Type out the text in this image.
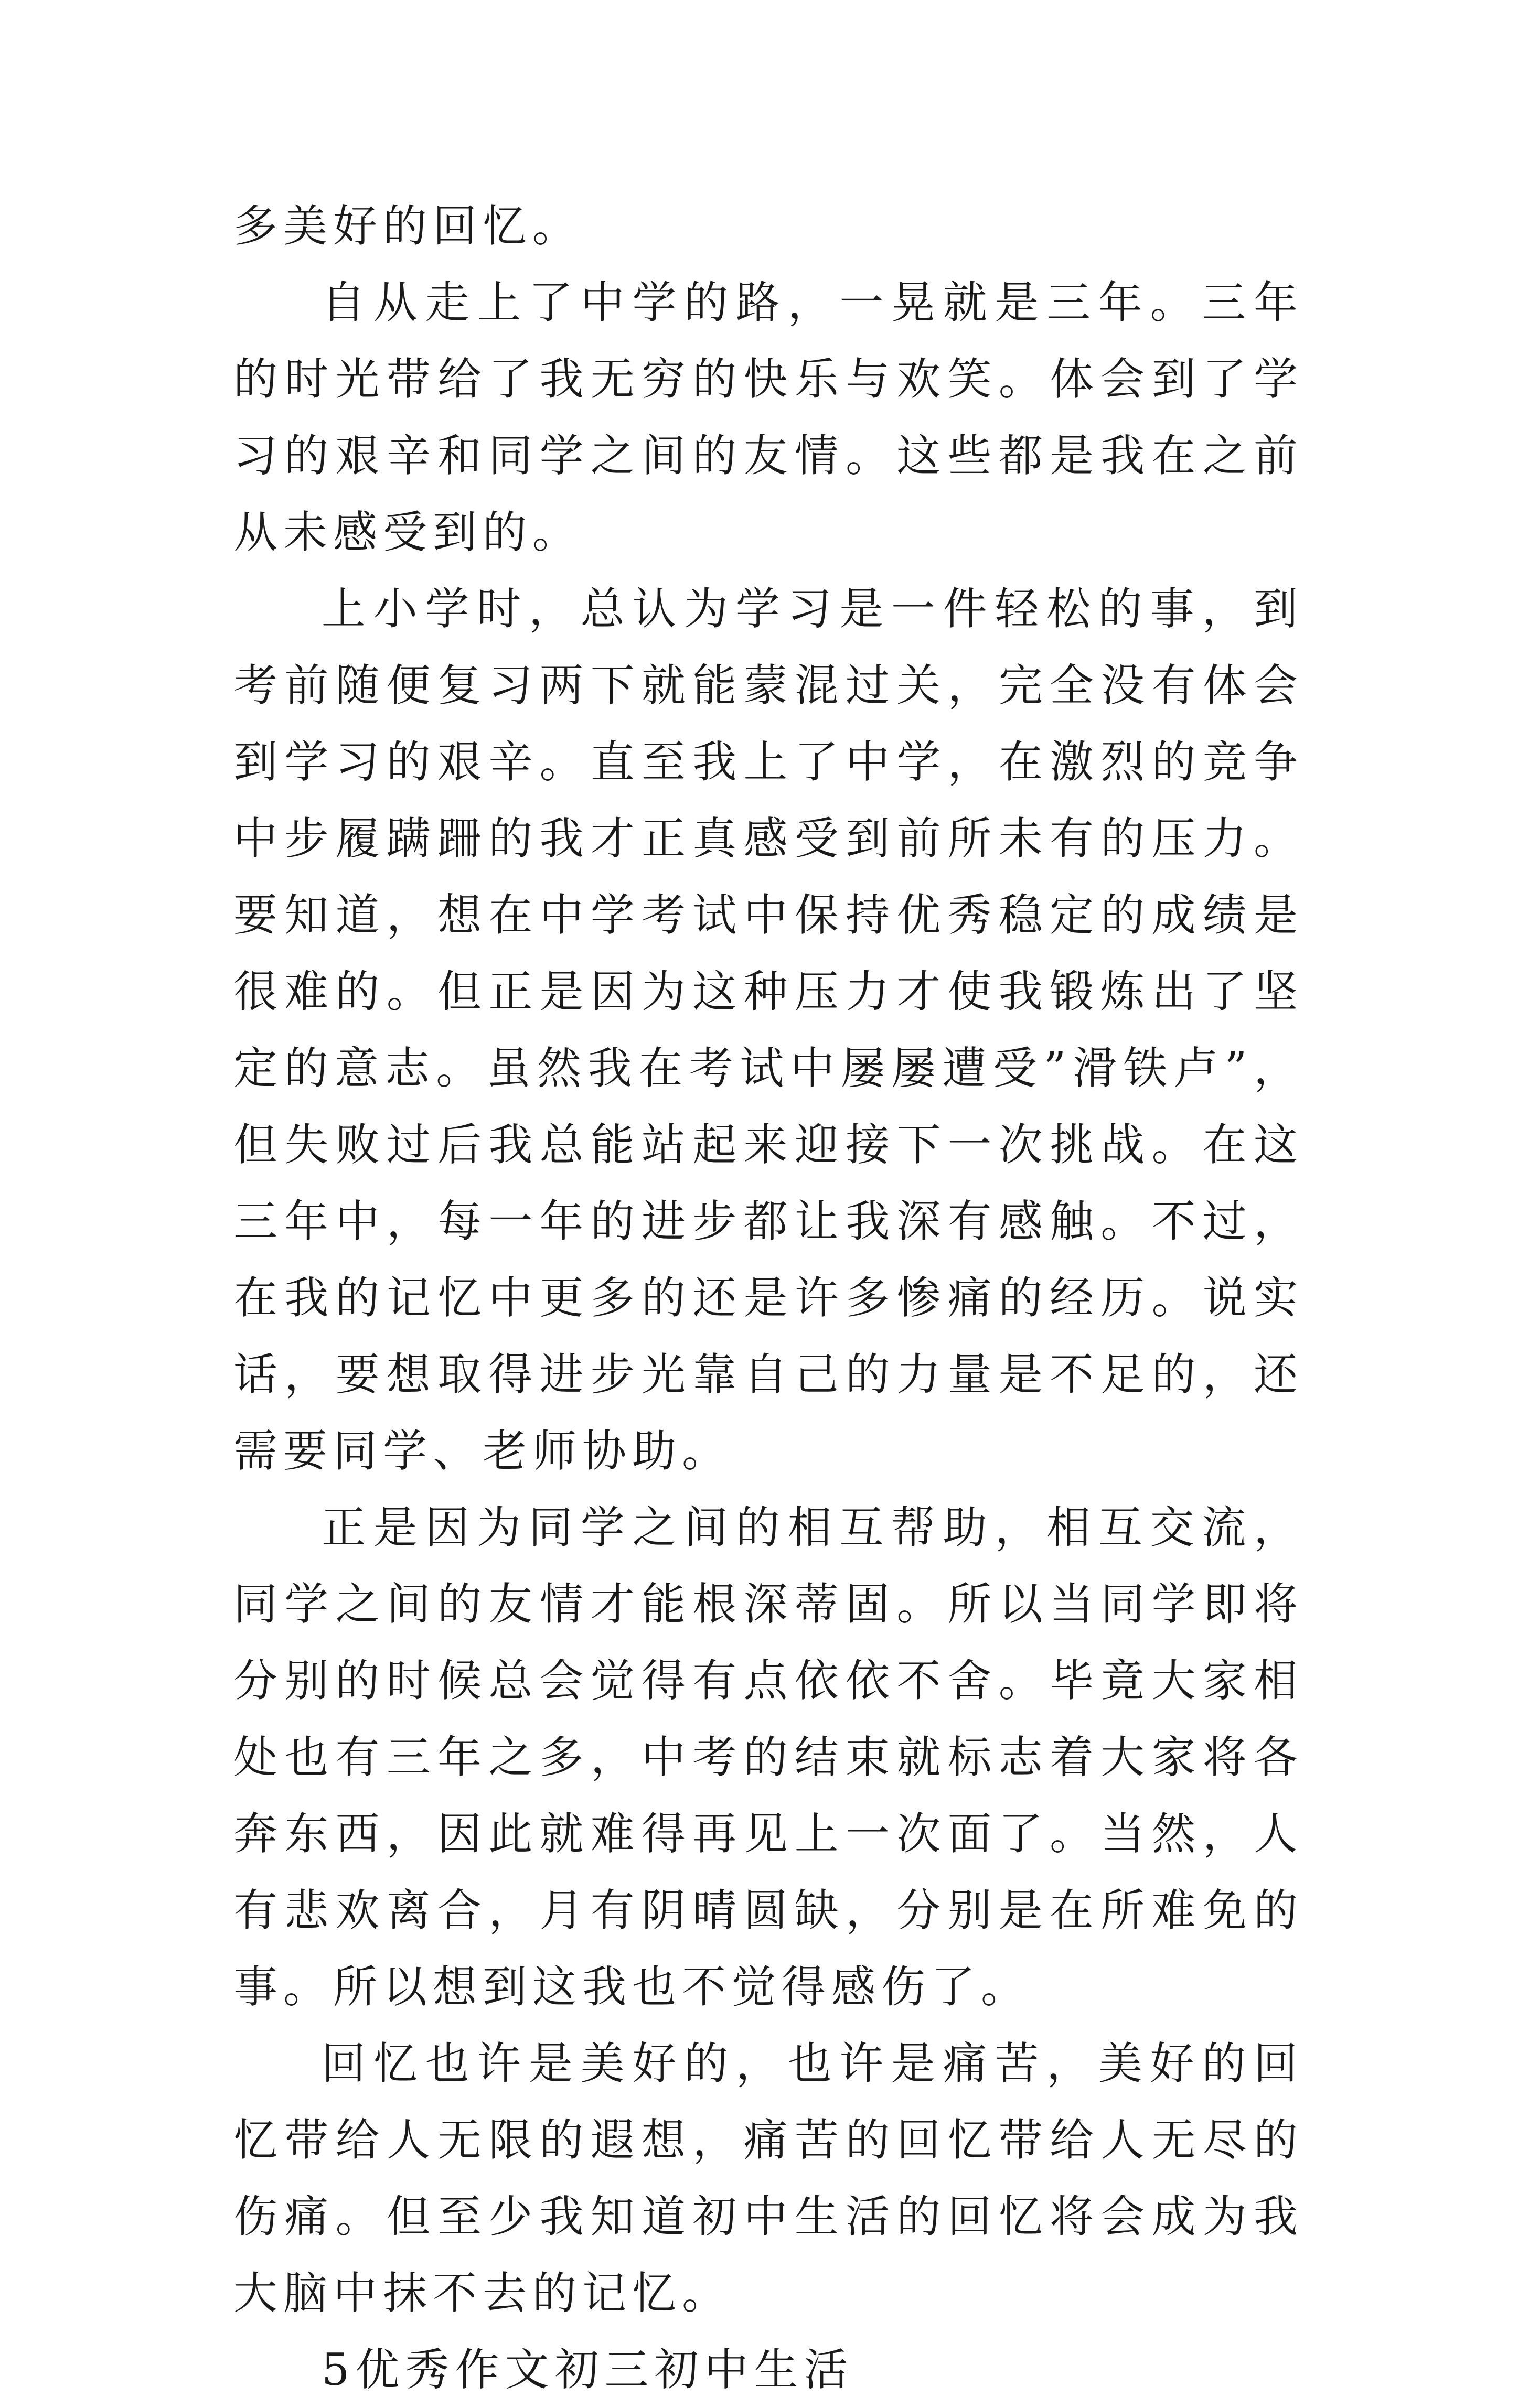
多美好的回忆。

自从走上了中学的路，一晃就是三年。三年的时光带给了我无穷的快乐与欢笑。体会到了学习的艰辛和同学之间的友情。这些都是我在之前从未感受到的。

上小学时，总认为学习是一件轻松的事，到考前随便复习两下就能蒙混过关，完全没有体会到学习的艰辛。直至我上了中学，在激烈的竞争中步履蹒跚的我才正真感受到前所未有的压力。要知道，想在中学考试中保持优秀稳定的成绩是很难的。但正是因为这种压力才使我锻炼出了坚定的意志。虽然我在考试中屡屡遭受”滑铁卢”，但失败过后我总能站起来迎接下一次挑战。在这三年中，每一年的进步都让我深有感触。不过，在我的记忆中更多的还是许多惨痛的经历。说实话，要想取得进步光靠自己的力量是不足的，还需要同学、老师协助。

正是因为同学之间的相互帮助，相互交流，同学之间的友情才能根深蒂固。所以当同学即将分别的时候总会觉得有点依依不舍。毕竟大家相处也有三年之多，中考的结束就标志着大家将各奔东西，因此就难得再见上一次面了。当然，人有悲欢离合，月有阴晴圆缺，分别是在所难免的事。所以想到这我也不觉得感伤了。

回忆也许是美好的，也许是痛苦，美好的回忆带给人无限的遐想，痛苦的回忆带给人无尽的伤痛。但至少我知道初中生活的回忆将会成为我大脑中抹不去的记忆。

5优秀作文初三初中生活
